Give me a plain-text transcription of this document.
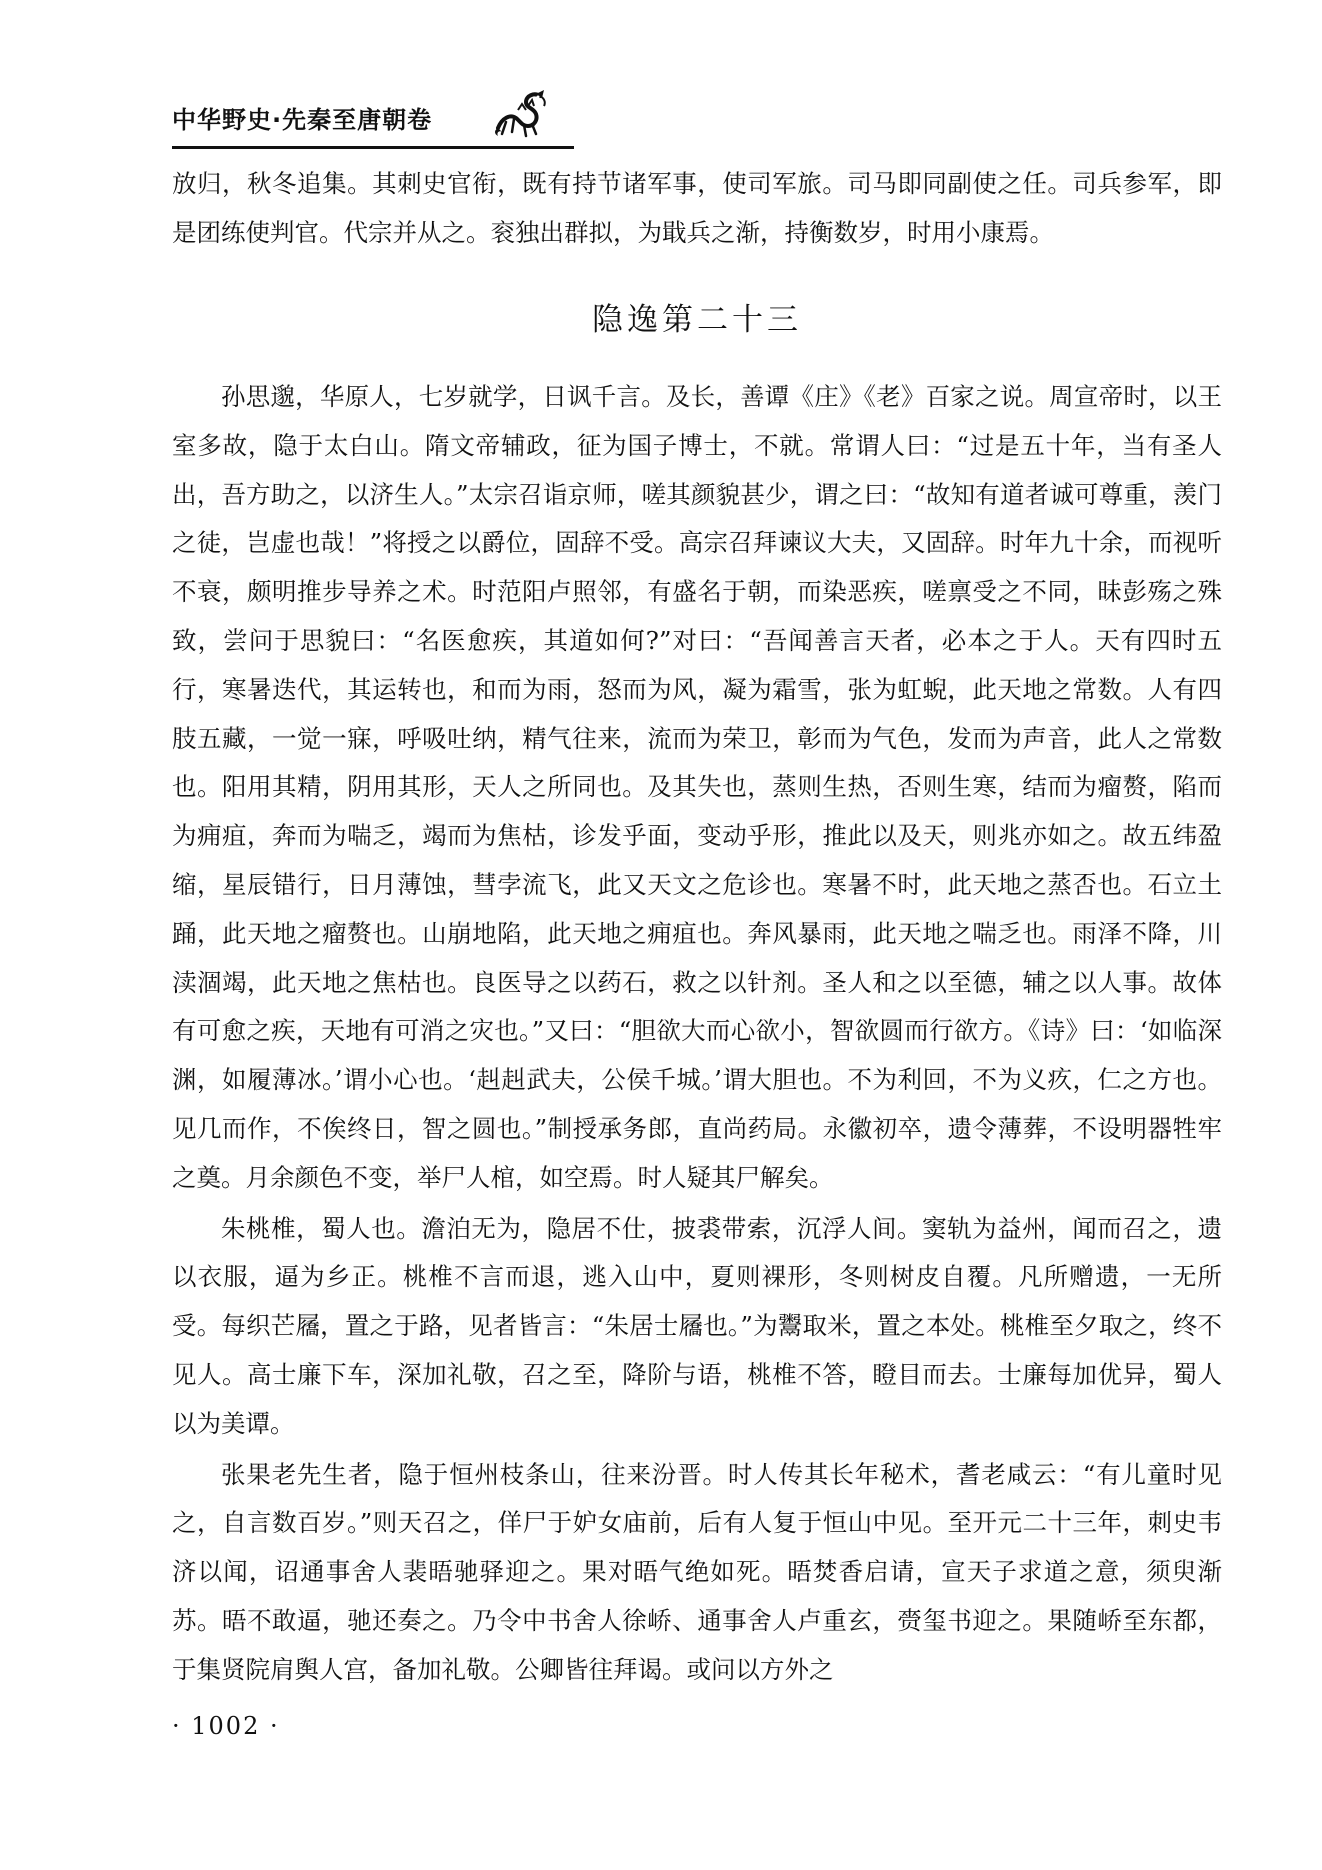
中华野史·先秦至唐朝卷

放归，秋冬追集。其刺史官衔，既有持节诸军事，使司军旅。司马即同副使之任。司兵参军，即是团练使判官。代宗并从之。衮独出群拟，为戢兵之渐，持衡数岁，时用小康焉。

隐逸第二十三

孙思邈，华原人，七岁就学，日讽千言。及长，善谭《庄》《老》百家之说。周宣帝时，以王室多故，隐于太白山。隋文帝辅政，征为国子博士，不就。常谓人曰：“过是五十年，当有圣人出，吾方助之，以济生人。”太宗召诣京师，嗟其颜貌甚少，谓之曰：“故知有道者诚可尊重，羡门之徒，岂虚也哉！”将授之以爵位，固辞不受。高宗召拜谏议大夫，又固辞。时年九十余，而视听不衰，颇明推步导养之术。时范阳卢照邻，有盛名于朝，而染恶疾，嗟禀受之不同，昧彭殇之殊致，尝问于思貌曰：“名医愈疾，其道如何?”对曰：“吾闻善言天者，必本之于人。天有四时五行，寒暑迭代，其运转也，和而为雨，怒而为风，凝为霜雪，张为虹蜺，此天地之常数。人有四肢五藏，一觉一寐，呼吸吐纳，精气往来，流而为荣卫，彰而为气色，发而为声音，此人之常数也。阳用其精，阴用其形，天人之所同也。及其失也，蒸则生热，否则生寒，结而为瘤赘，陷而为痈疽，奔而为喘乏，竭而为焦枯，诊发乎面，变动乎形，推此以及天，则兆亦如之。故五纬盈缩，星辰错行，日月薄蚀，彗孛流飞，此又天文之危诊也。寒暑不时，此天地之蒸否也。石立土踊，此天地之瘤赘也。山崩地陷，此天地之痈疽也。奔风暴雨，此天地之喘乏也。雨泽不降，川渎涸竭，此天地之焦枯也。良医导之以药石，救之以针剂。圣人和之以至德，辅之以人事。故体有可愈之疾，天地有可消之灾也。”又曰：“胆欲大而心欲小，智欲圆而行欲方。《诗》曰：‘如临深渊，如履薄冰。’谓小心也。‘赳赳武夫，公侯千城。’谓大胆也。不为利回，不为义疚，仁之方也。见几而作，不俟终日，智之圆也。”制授承务郎，直尚药局。永徽初卒，遗令薄葬，不设明器牲牢之奠。月余颜色不变，举尸人棺，如空焉。时人疑其尸解矣。

朱桃椎，蜀人也。澹泊无为，隐居不仕，披裘带索，沉浮人间。窦轨为益州，闻而召之，遗以衣服，逼为乡正。桃椎不言而退，逃入山中，夏则裸形，冬则树皮自覆。凡所赠遗，一无所受。每织芒屩，置之于路，见者皆言：“朱居士屩也。”为鬻取米，置之本处。桃椎至夕取之，终不见人。高士廉下车，深加礼敬，召之至，降阶与语，桃椎不答，瞪目而去。士廉每加优异，蜀人以为美谭。

张果老先生者，隐于恒州枝条山，往来汾晋。时人传其长年秘术，耆老咸云：“有儿童时见之，自言数百岁。”则天召之，佯尸于妒女庙前，后有人复于恒山中见。至开元二十三年，刺史韦济以闻，诏通事舍人裴晤驰驿迎之。果对晤气绝如死。晤焚香启请，宣天子求道之意，须臾渐苏。晤不敢逼，驰还奏之。乃令中书舍人徐峤、通事舍人卢重玄，赍玺书迎之。果随峤至东都，于集贤院肩舆人宫，备加礼敬。公卿皆往拜谒。或问以方外之

· 1002 ·
